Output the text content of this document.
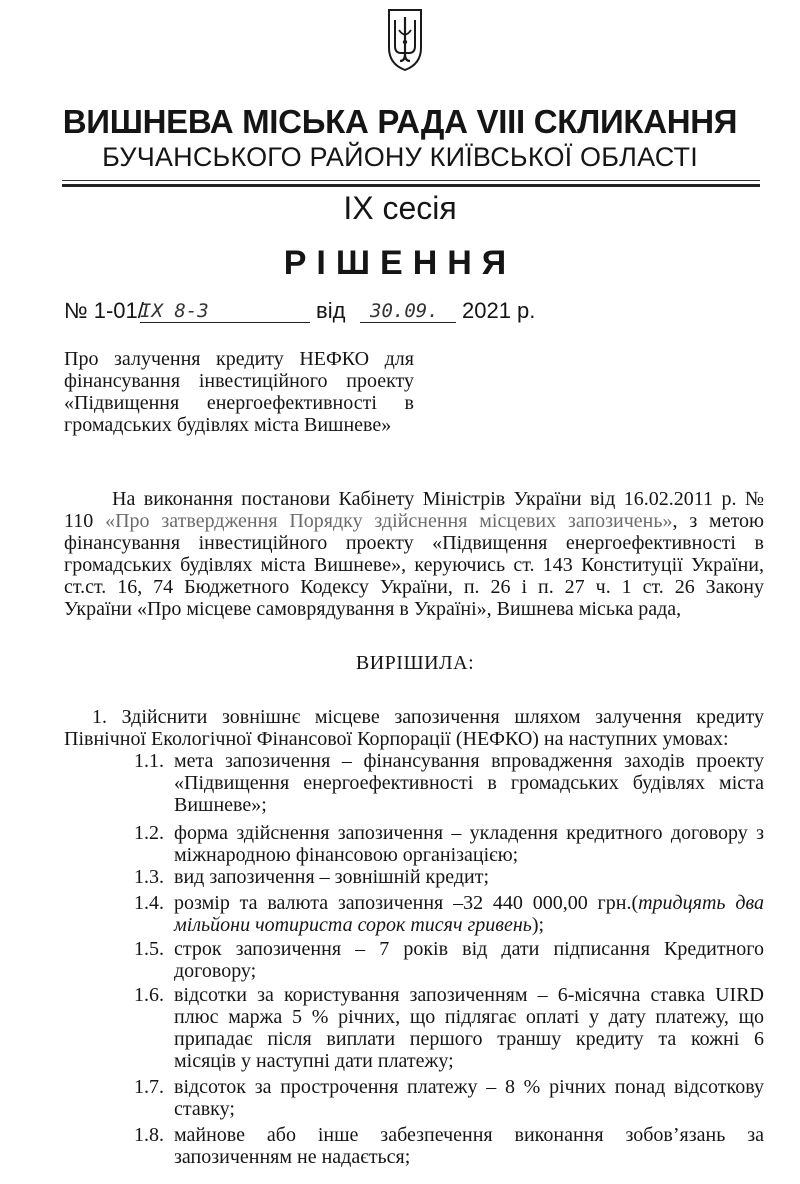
ВИШНЕВА МІСЬКА РАДА VIII СКЛИКАННЯ
БУЧАНСЬКОГО РАЙОНУ КИЇВСЬКОЇ ОБЛАСТІ
IX сесія
РІШЕННЯ
№ 1-01/
IX 8-3	від 30.09. 2021 р.
Про залучення кредиту НЕФКО для
фінансування інвестиційного проекту
«Підвищення енергоефективності в
громадських будівлях міста Вишневе»
На виконання постанови Кабінету Міністрів України від 16.02.2011 р. №
110 «Про затвердження Порядку здійснення місцевих запозичень», з метою
фінансування інвестиційного проекту «Підвищення енергоефективності в
громадських будівлях міста Вишневе», керуючись ст. 143 Конституції України,
ст.ст. 16, 74 Бюджетного Кодексу України, п. 26 і п. 27 ч. 1 ст. 26 Закону
України «Про місцеве самоврядування в Україні», Вишнева міська рада,
ВИРІШИЛА:
1. Здійснити зовнішнє місцеве запозичення шляхом залучення кредиту
Північної Екологічної Фінансової Корпорації (НЕФКО) на наступних умовах:
1.1. мета запозичення – фінансування впровадження заходів проекту
«Підвищення енергоефективності в громадських будівлях міста
Вишневе»;
1.2. форма здійснення запозичення – укладення кредитного договору з
міжнародною фінансовою організацією;
1.3. вид запозичення – зовнішній кредит;
1.4. розмір та валюта запозичення –32 440 000,00 грн.(тридцять два
мільйони чотириста сорок тисяч гривень);
1.5. строк запозичення – 7 років від дати підписання Кредитного
договору;
1.6. відсотки за користування запозиченням – 6-місячна ставка UIRD
плюс маржа 5 % річних, що підлягає оплаті у дату платежу, що
припадає після виплати першого траншу кредиту та кожні 6
місяців у наступні дати платежу;
1.7. відсоток за прострочення платежу – 8 % річних понад відсоткову
ставку;
1.8. майнове або інше забезпечення виконання зобов’язань за
запозиченням не надається;
